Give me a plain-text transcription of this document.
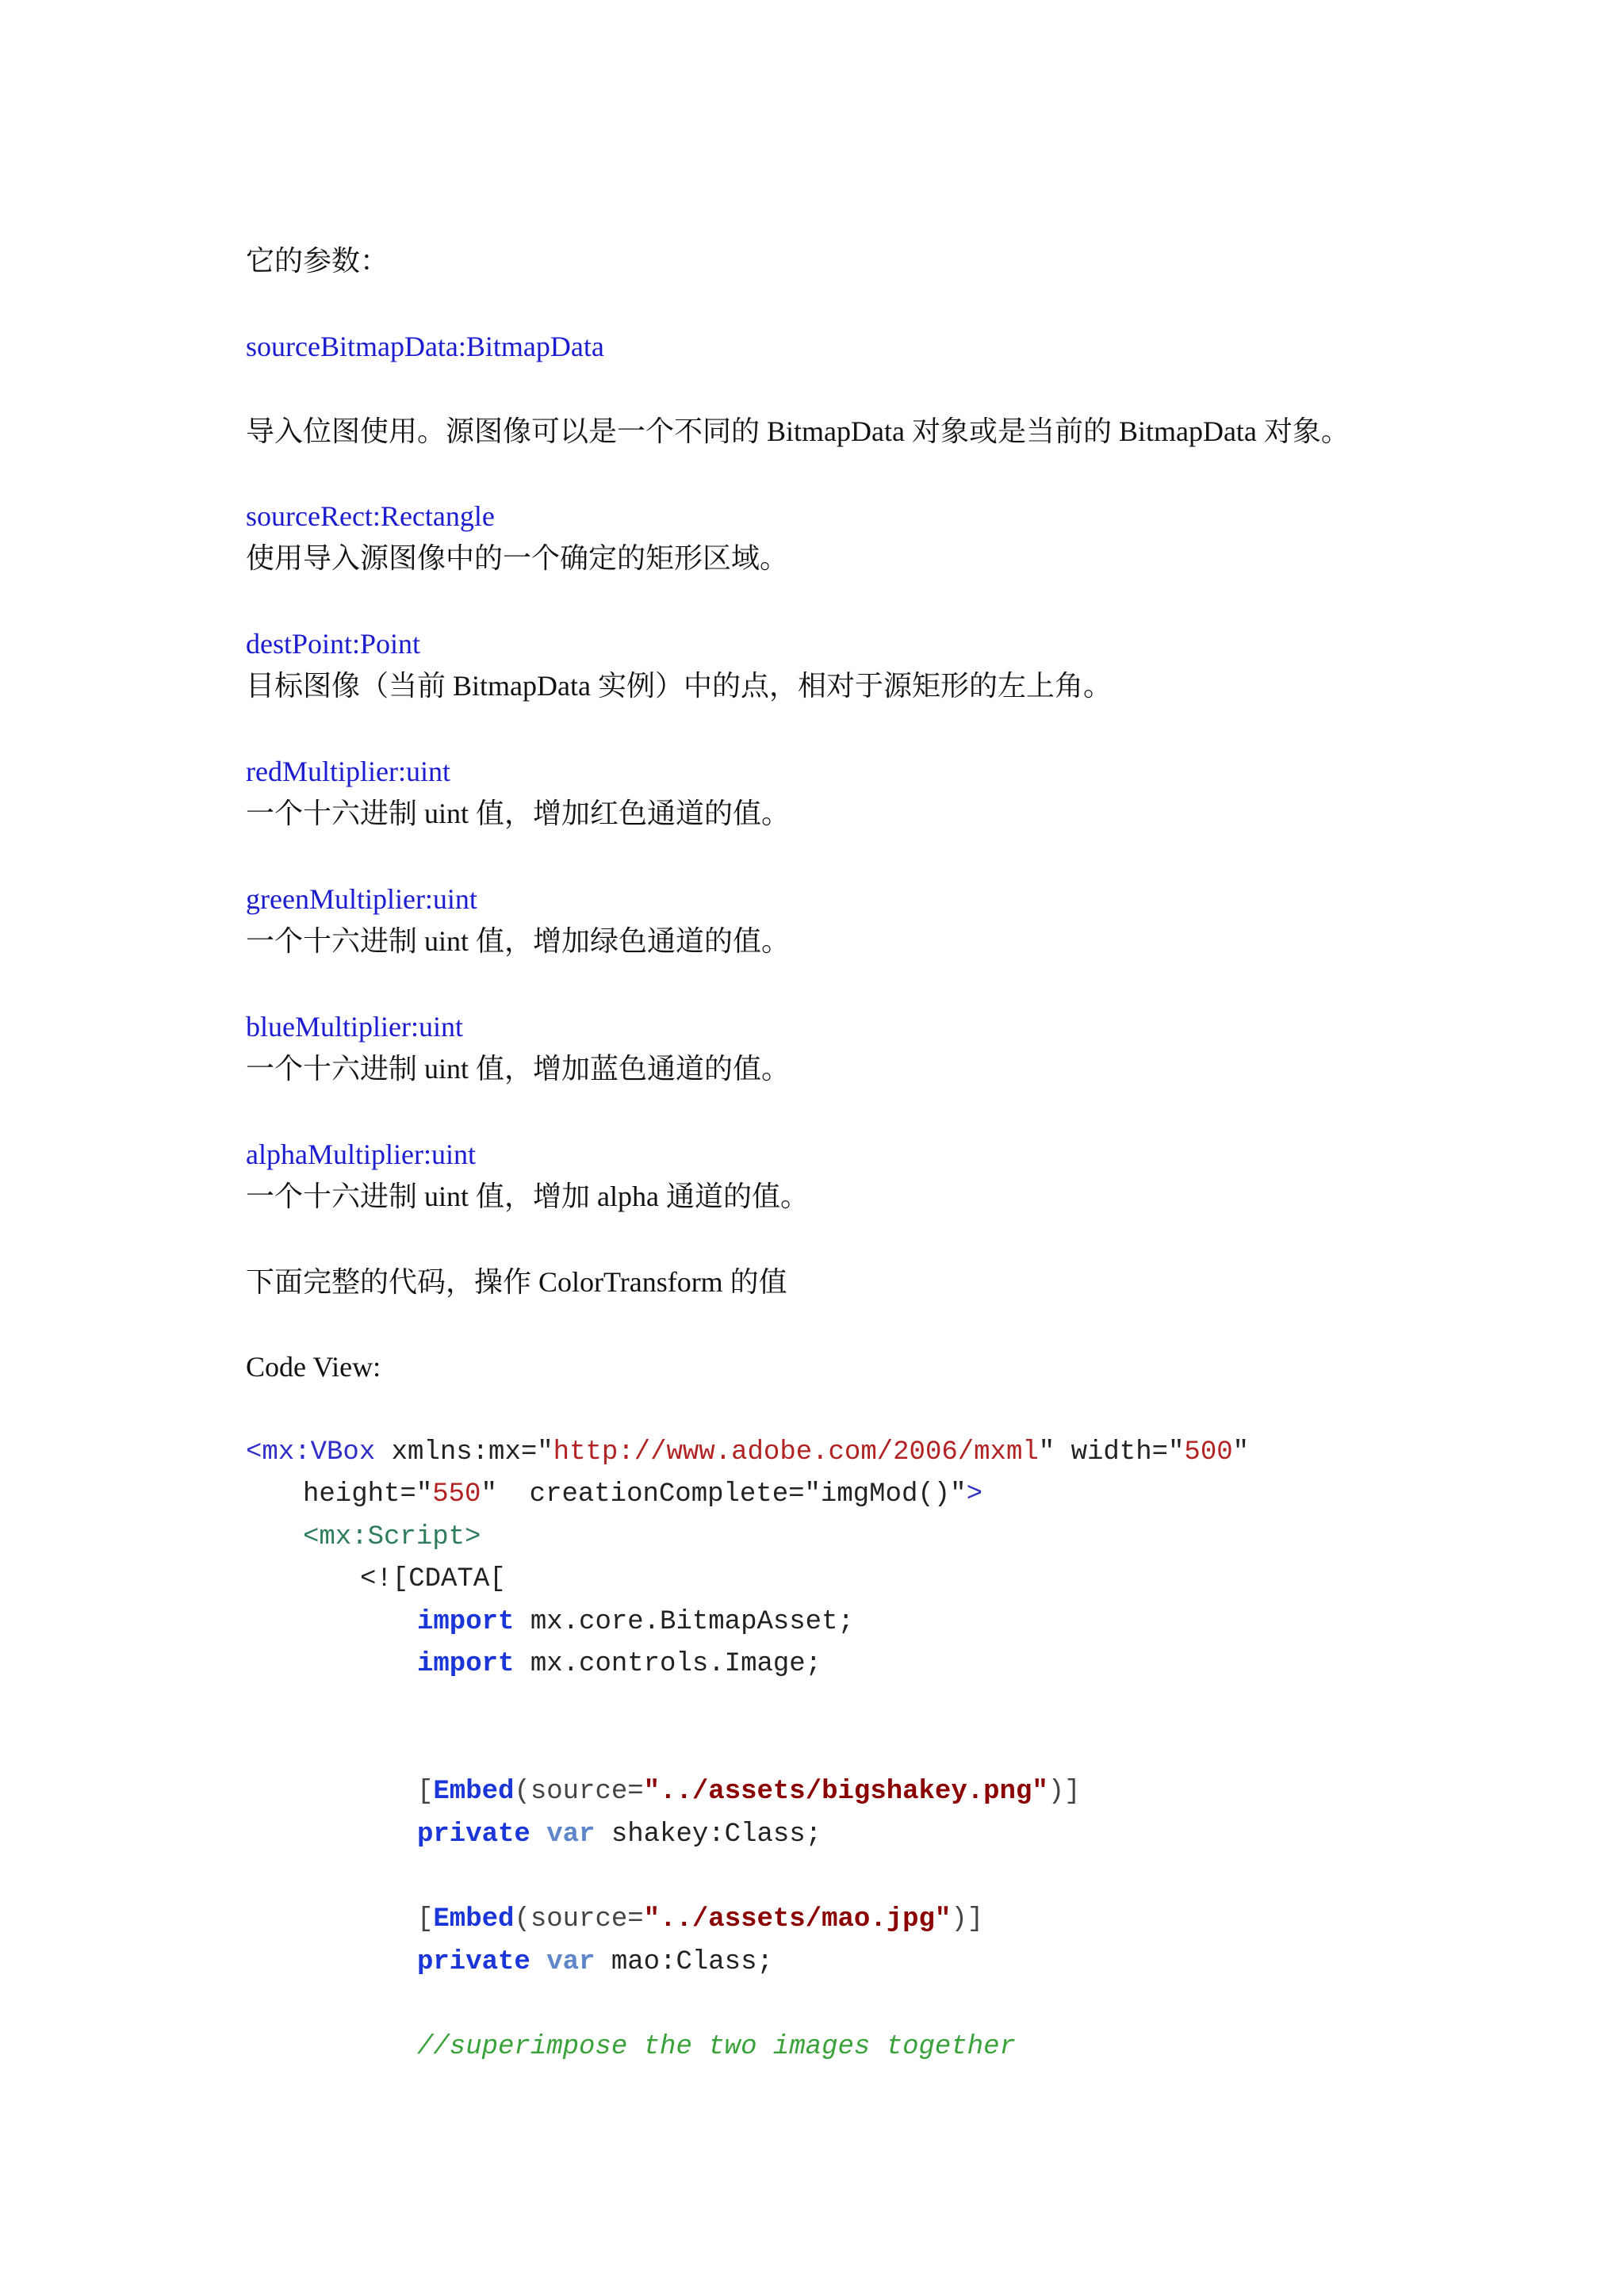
它的参数：
sourceBitmapData:BitmapData
导入位图使用。源图像可以是一个不同的 BitmapData 对象或是当前的 BitmapData 对象。
sourceRect:Rectangle
使用导入源图像中的一个确定的矩形区域。
destPoint:Point
目标图像（当前 BitmapData 实例）中的点，相对于源矩形的左上角。
redMultiplier:uint
一个十六进制 uint 值，增加红色通道的值。
greenMultiplier:uint
一个十六进制 uint 值，增加绿色通道的值。
blueMultiplier:uint
一个十六进制 uint 值，增加蓝色通道的值。
alphaMultiplier:uint
一个十六进制 uint 值，增加 alpha 通道的值。
下面完整的代码，操作 ColorTransform 的值
Code View:
<mx:VBox xmlns:mx="http://www.adobe.com/2006/mxml" width="500"
height="550"  creationComplete="imgMod()">
<mx:Script>
<![CDATA[
import mx.core.BitmapAsset;
import mx.controls.Image;
[Embed(source="../assets/bigshakey.png")]
private var shakey:Class;
[Embed(source="../assets/mao.jpg")]
private var mao:Class;
//superimpose the two images together
